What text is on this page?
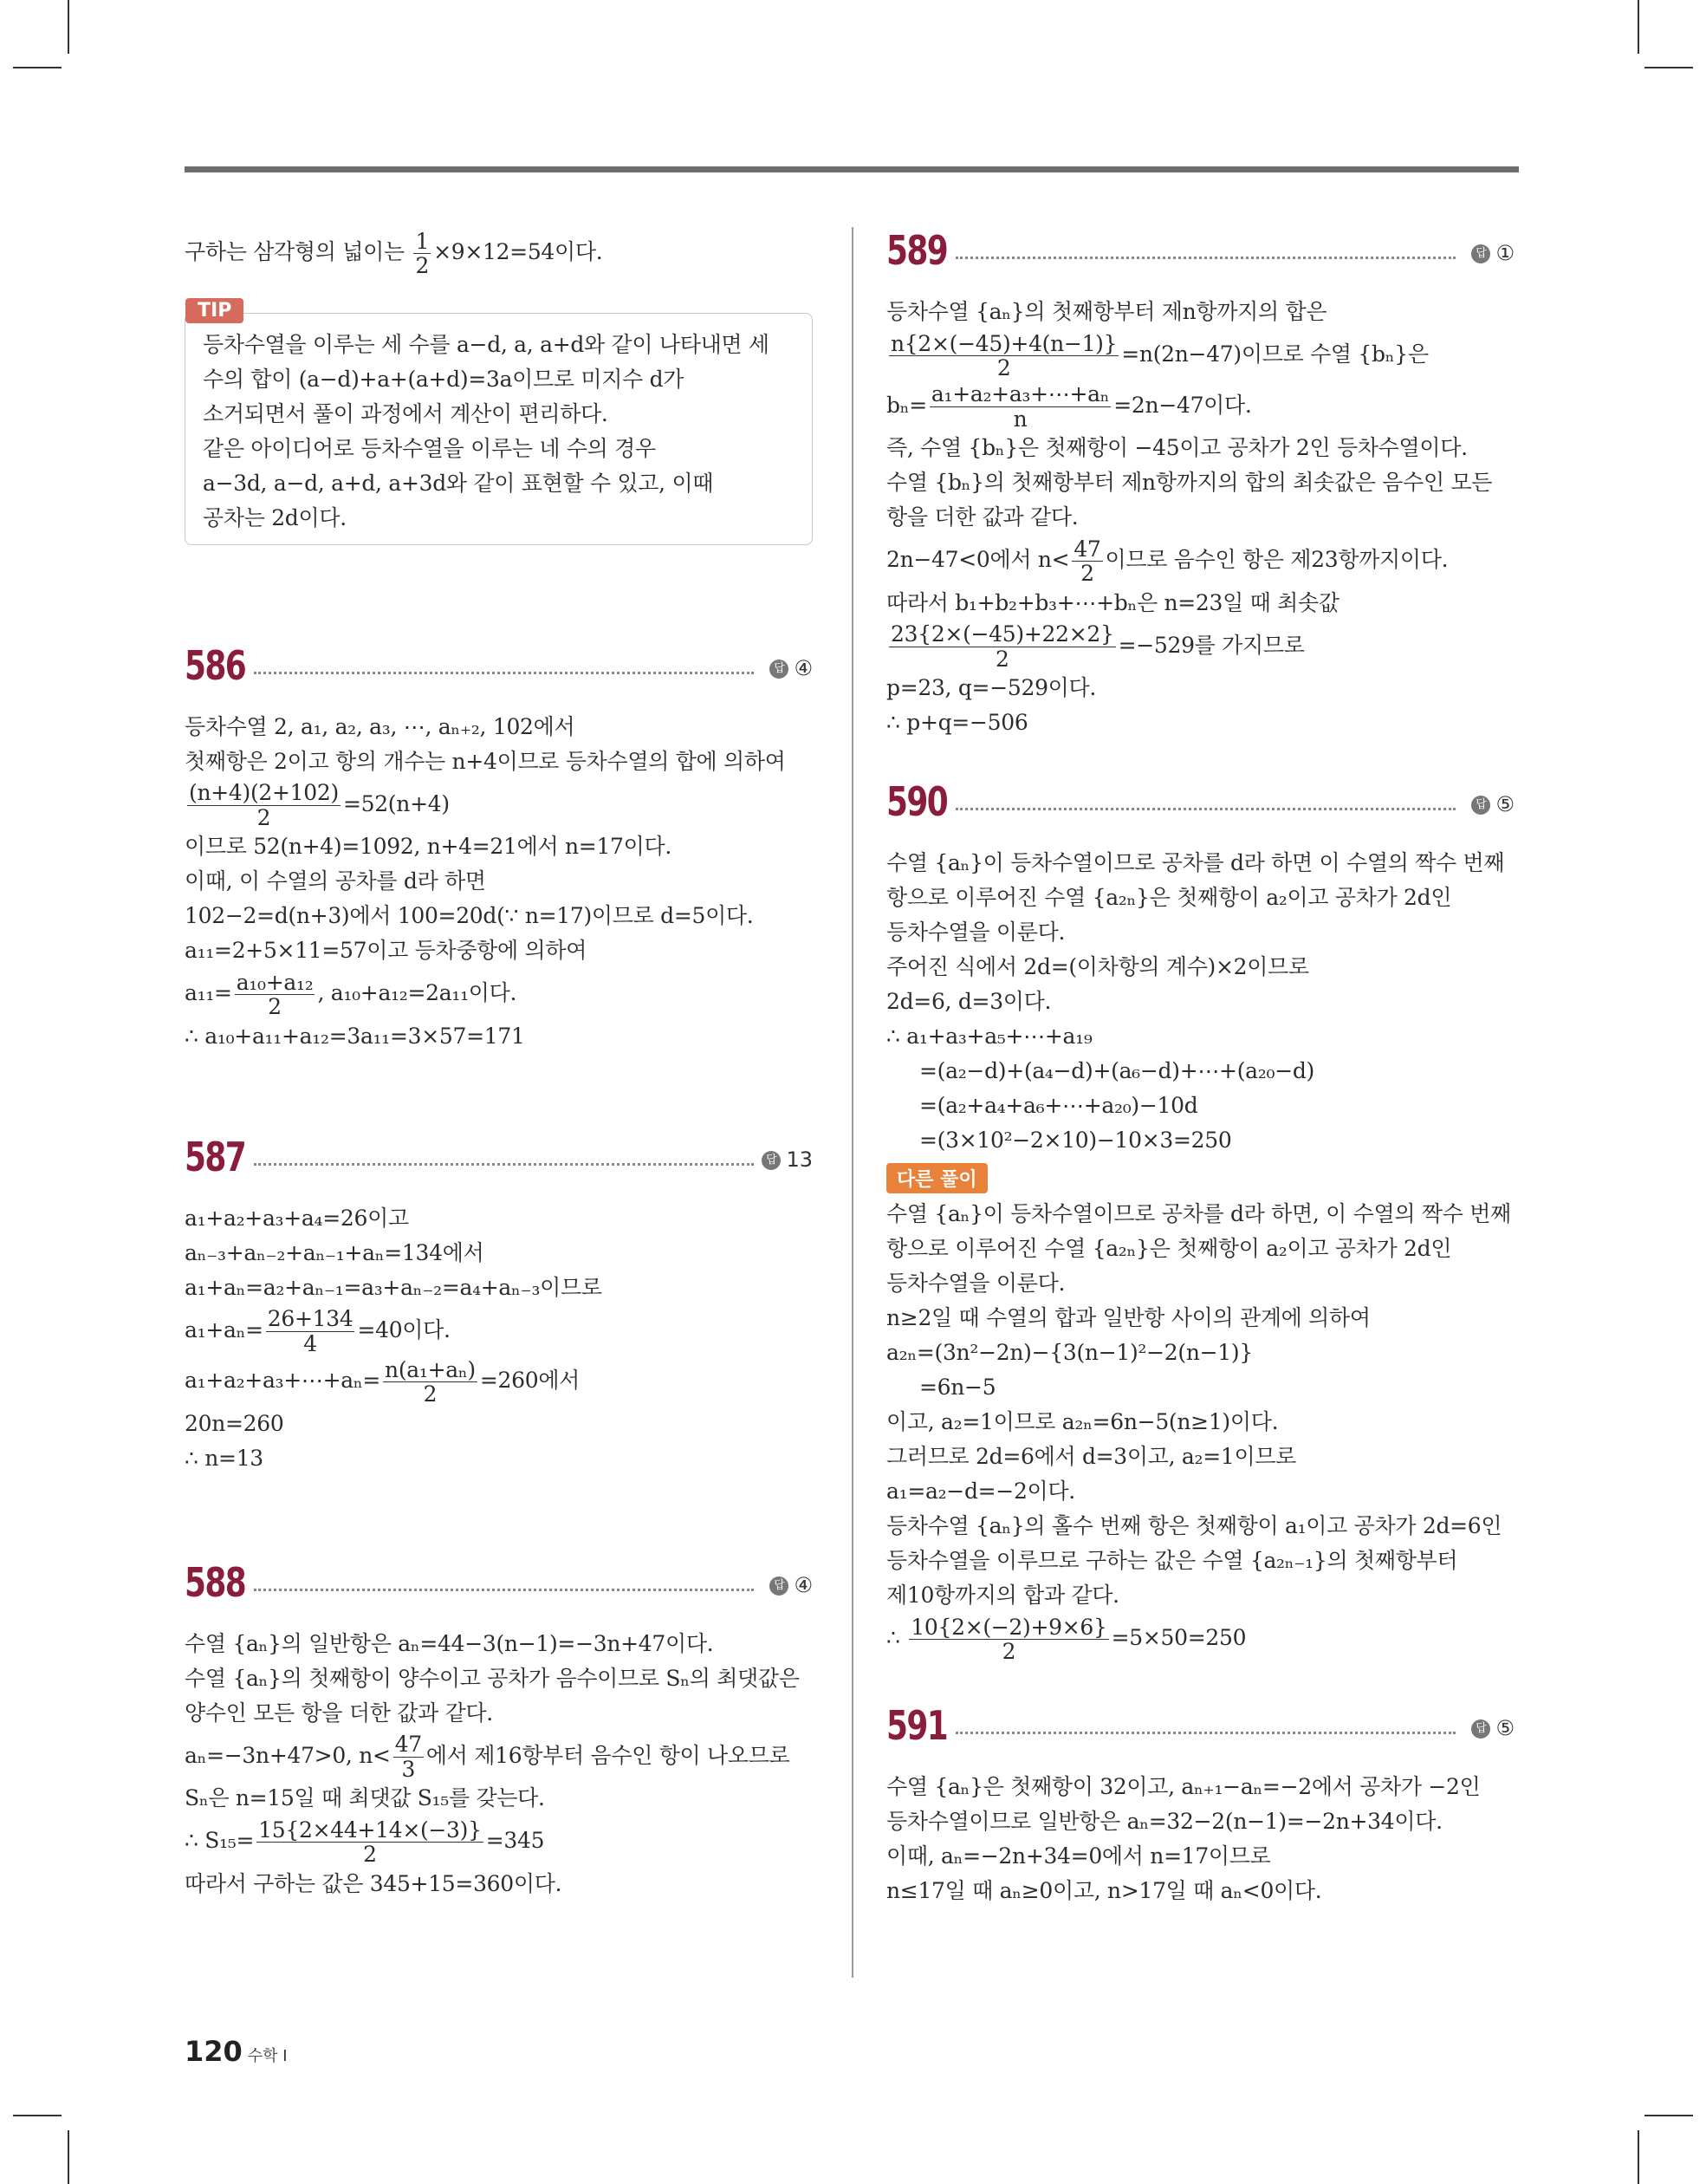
구하는 삼각형의 넓이는 $\frac{1}{2} \times 9\times 12=54$이다.
TIP
등차수열을 이루는 세 수를 a−d, a, a+d와 같이 나타내면 세
수의 합이 (a−d)+a+(a+d)=3a이므로 미지수 d가
소거되면서 풀이 과정에서 계산이 편리하다.
같은 아이디어로 등차수열을 이루는 네 수의 경우
a−3d, a−d, a+d, a+3d와 같이 표현할 수 있고, 이때
공차는 2d이다.
586	답 ④
등차수열 2, a₁, a₂, a₃, ⋯, aₙ₊₂, 102에서
첫째항은 2이고 항의 개수는 n+4이므로 등차수열의 합에 의하여
$\frac{(n+4)(2+102)}{2} =52(n+4)$
이므로 52(n+4)=1092, n+4=21에서 n=17이다.
이때, 이 수열의 공차를 d라 하면
102−2=d(n+3)에서 100=20d(∵ n=17)이므로 d=5이다.
a₁₁=2+5×11=57이고 등차중항에 의하여
$a_{11}= \frac{\text{a₁₀+a₁₂}}{2}$ , a₁₀+a₁₂=2a₁₁이다.
∴ a₁₀+a₁₁+a₁₂=3a₁₁=3×57=171
587	답 13
a₁+a₂+a₃+a₄=26이고
aₙ₋₃+aₙ₋₂+aₙ₋₁+aₙ=134에서
a₁+aₙ=a₂+aₙ₋₁=a₃+aₙ₋₂=a₄+aₙ₋₃이므로
$a_1+a_n= \frac{26+134}{4} =40$이다.
a₁+a₂+a₃+⋯+aₙ= $\frac{\text{n(a₁+aₙ)}}{2} =260$에서
20n=260
∴ n=13
588	답 ④
수열 {aₙ}의 일반항은 aₙ=44−3(n−1)=−3n+47이다.
수열 {aₙ}의 첫째항이 양수이고 공차가 음수이므로 Sₙ의 최댓값은
양수인 모든 항을 더한 값과 같다.
aₙ=−3n+47>0, $n< \frac{47}{3}$ 에서 제16항부터 음수인 항이 나오므로
Sₙ은 n=15일 때 최댓값 S₁₅를 갖는다.
∴ $S_{15}= \frac{15\{2\times 44+14\times(-3)\}}{2} =345$
따라서 구하는 값은 345+15=360이다.
589	답 ①
등차수열 {aₙ}의 첫째항부터 제n항까지의 합은
$\frac{n\{2\times(-45)+4(n-1)\}}{2} =n(2n-47)$이므로 수열 {bₙ}은
$b_n= \frac{\text{a₁+a₂+a₃+⋯+aₙ}}{n} =2n-47$이다.
즉, 수열 {bₙ}은 첫째항이 −45이고 공차가 2인 등차수열이다.
수열 {bₙ}의 첫째항부터 제n항까지의 합의 최솟값은 음수인 모든
항을 더한 값과 같다.
2n−47<0에서 $n< \frac{47}{2}$ 이므로 음수인 항은 제23항까지이다.
따라서 b₁+b₂+b₃+⋯+bₙ은 n=23일 때 최솟값
$\frac{23\{2\times(-45)+22\times 2\}}{2} =-529$를 가지므로
p=23, q=−529이다.
∴ p+q=−506
590	답 ⑤
수열 {aₙ}이 등차수열이므로 공차를 d라 하면 이 수열의 짝수 번째
항으로 이루어진 수열 {a₂ₙ}은 첫째항이 a₂이고 공차가 2d인
등차수열을 이룬다.
주어진 식에서 2d=(이차항의 계수)×2이므로
2d=6, d=3이다.
∴ a₁+a₃+a₅+⋯+a₁₉
=(a₂−d)+(a₄−d)+(a₆−d)+⋯+(a₂₀−d)
=(a₂+a₄+a₆+⋯+a₂₀)−10d
=(3×10²−2×10)−10×3=250
다른 풀이
수열 {aₙ}이 등차수열이므로 공차를 d라 하면, 이 수열의 짝수 번째
항으로 이루어진 수열 {a₂ₙ}은 첫째항이 a₂이고 공차가 2d인
등차수열을 이룬다.
n≥2일 때 수열의 합과 일반항 사이의 관계에 의하여
a₂ₙ=(3n²−2n)−{3(n−1)²−2(n−1)}
=6n−5
이고, a₂=1이므로 a₂ₙ=6n−5(n≥1)이다.
그러므로 2d=6에서 d=3이고, a₂=1이므로
a₁=a₂−d=−2이다.
등차수열 {aₙ}의 홀수 번째 항은 첫째항이 a₁이고 공차가 2d=6인
등차수열을 이루므로 구하는 값은 수열 {a₂ₙ₋₁}의 첫째항부터
제10항까지의 합과 같다.
∴ $\frac{10\{2\times(-2)+9\times 6\}}{2} =5\times 50=250$
591	답 ⑤
수열 {aₙ}은 첫째항이 32이고, aₙ₊₁−aₙ=−2에서 공차가 −2인
등차수열이므로 일반항은 aₙ=32−2(n−1)=−2n+34이다.
이때, aₙ=−2n+34=0에서 n=17이므로
n≤17일 때 aₙ≥0이고, n>17일 때 aₙ<0이다.
120 수학 I
